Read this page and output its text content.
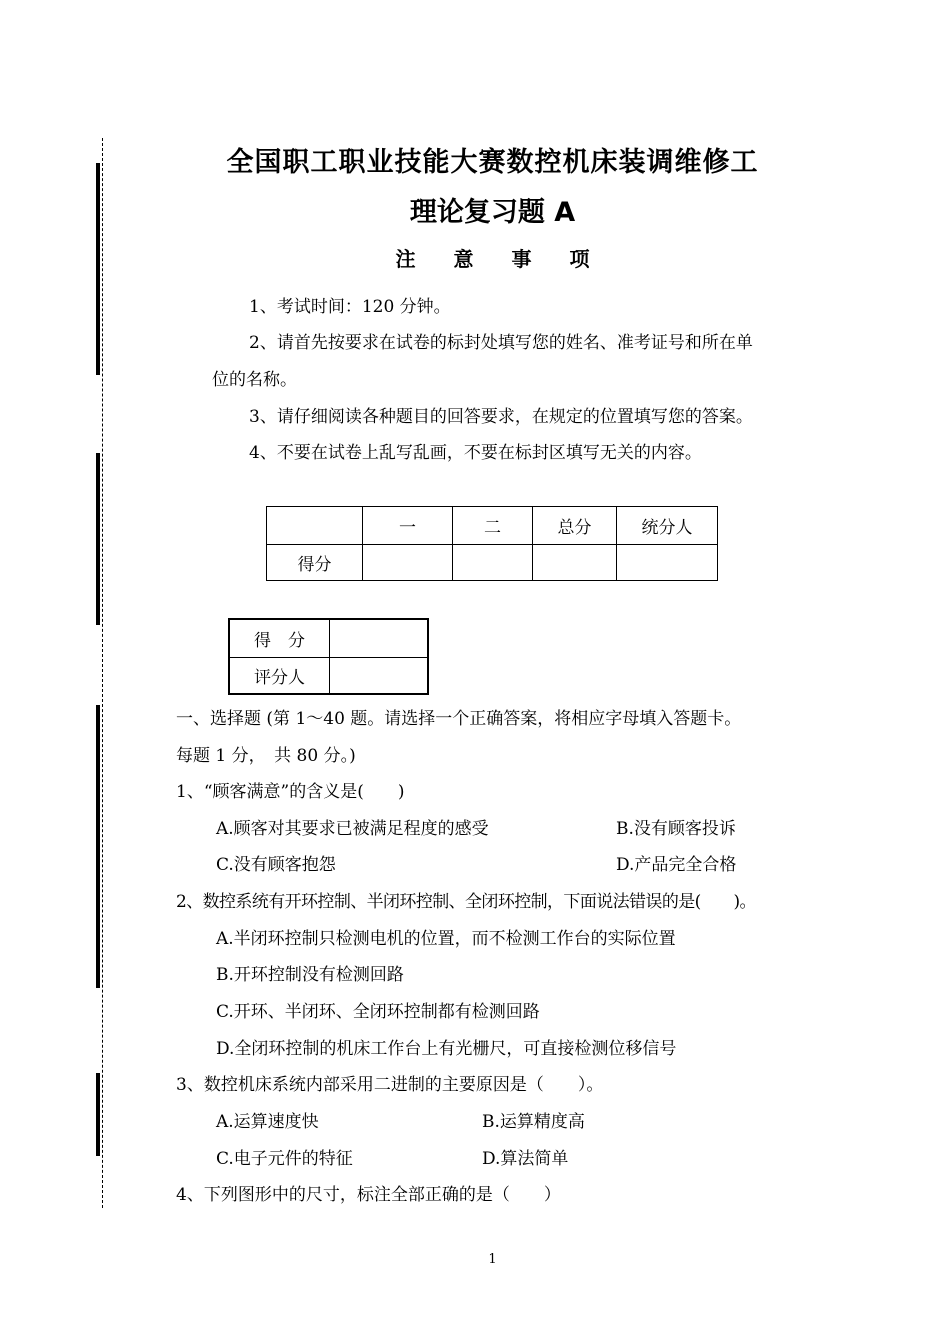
全国职工职业技能大赛数控机床装调维修工
理论复习题 A
注 意 事 项
1、考试时间：120 分钟。
2、请首先按要求在试卷的标封处填写您的姓名、准考证号和所在单
位的名称。
3、请仔细阅读各种题目的回答要求，在规定的位置填写您的答案。
4、不要在试卷上乱写乱画，不要在标封区填写无关的内容。
	一	二	总分	统分人
得分				
得　分	
评分人	
一、选择题 (第 1～40 题。请选择一个正确答案，将相应字母填入答题卡。
每题 1 分，　共 80 分。)
1、“顾客满意”的含义是(　　)
A.顾客对其要求已被满足程度的感受	B.没有顾客投诉
C.没有顾客抱怨	D.产品完全合格
2、数控系统有开环控制、半闭环控制、全闭环控制，下面说法错误的是(　　)。
A.半闭环控制只检测电机的位置，而不检测工作台的实际位置
B.开环控制没有检测回路
C.开环、半闭环、全闭环控制都有检测回路
D.全闭环控制的机床工作台上有光栅尺，可直接检测位移信号
3、数控机床系统内部采用二进制的主要原因是（　　）。
A.运算速度快	B.运算精度高
C.电子元件的特征	D.算法简单
4、下列图形中的尺寸，标注全部正确的是（　　）
1
